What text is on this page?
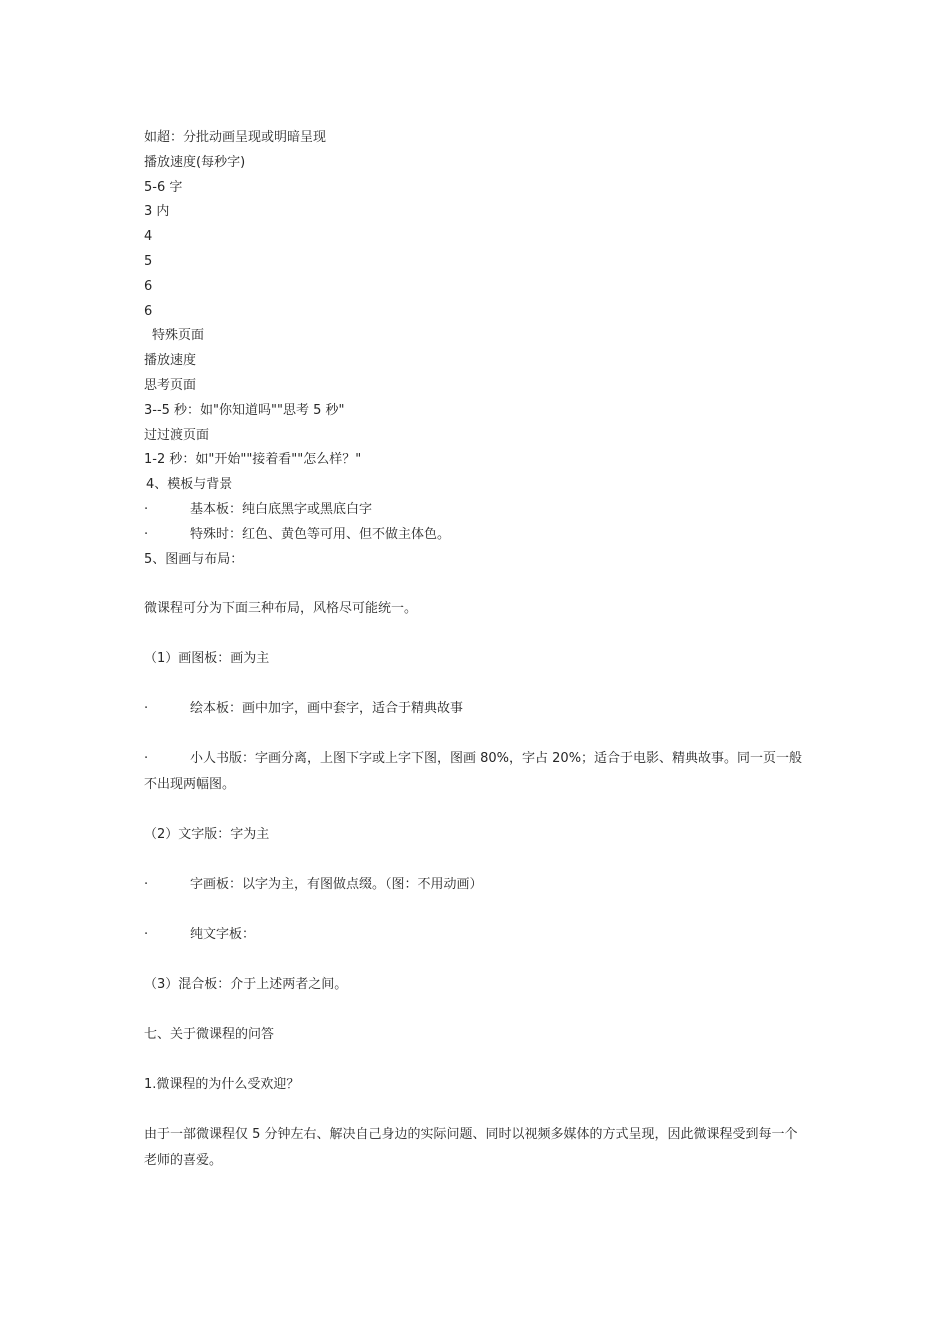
如超：分批动画呈现或明暗呈现
播放速度(每秒字)
5-6 字
3 内
4
5
6
6
特殊页面
播放速度
思考页面
3--5 秒：如"你知道吗""思考 5 秒"
过过渡页面
1-2 秒：如"开始""接着看""怎么样？"
4、模板与背景
·	基本板：纯白底黑字或黑底白字
·	特殊时：红色、黄色等可用、但不做主体色。
5、图画与布局：
微课程可分为下面三种布局，风格尽可能统一。
（1）画图板：画为主
·	绘本板：画中加字，画中套字，适合于精典故事
·	小人书版：字画分离，上图下字或上字下图，图画 80%，字占 20%；适合于电影、精典故事。同一页一般不出现两幅图。
（2）文字版：字为主
·	字画板：以字为主，有图做点缀。（图：不用动画）
·	纯文字板：
（3）混合板：介于上述两者之间。
七、关于微课程的问答
1.微课程的为什么受欢迎？
由于一部微课程仅 5 分钟左右、解决自己身边的实际问题、同时以视频多媒体的方式呈现，因此微课程受到每一个老师的喜爱。
